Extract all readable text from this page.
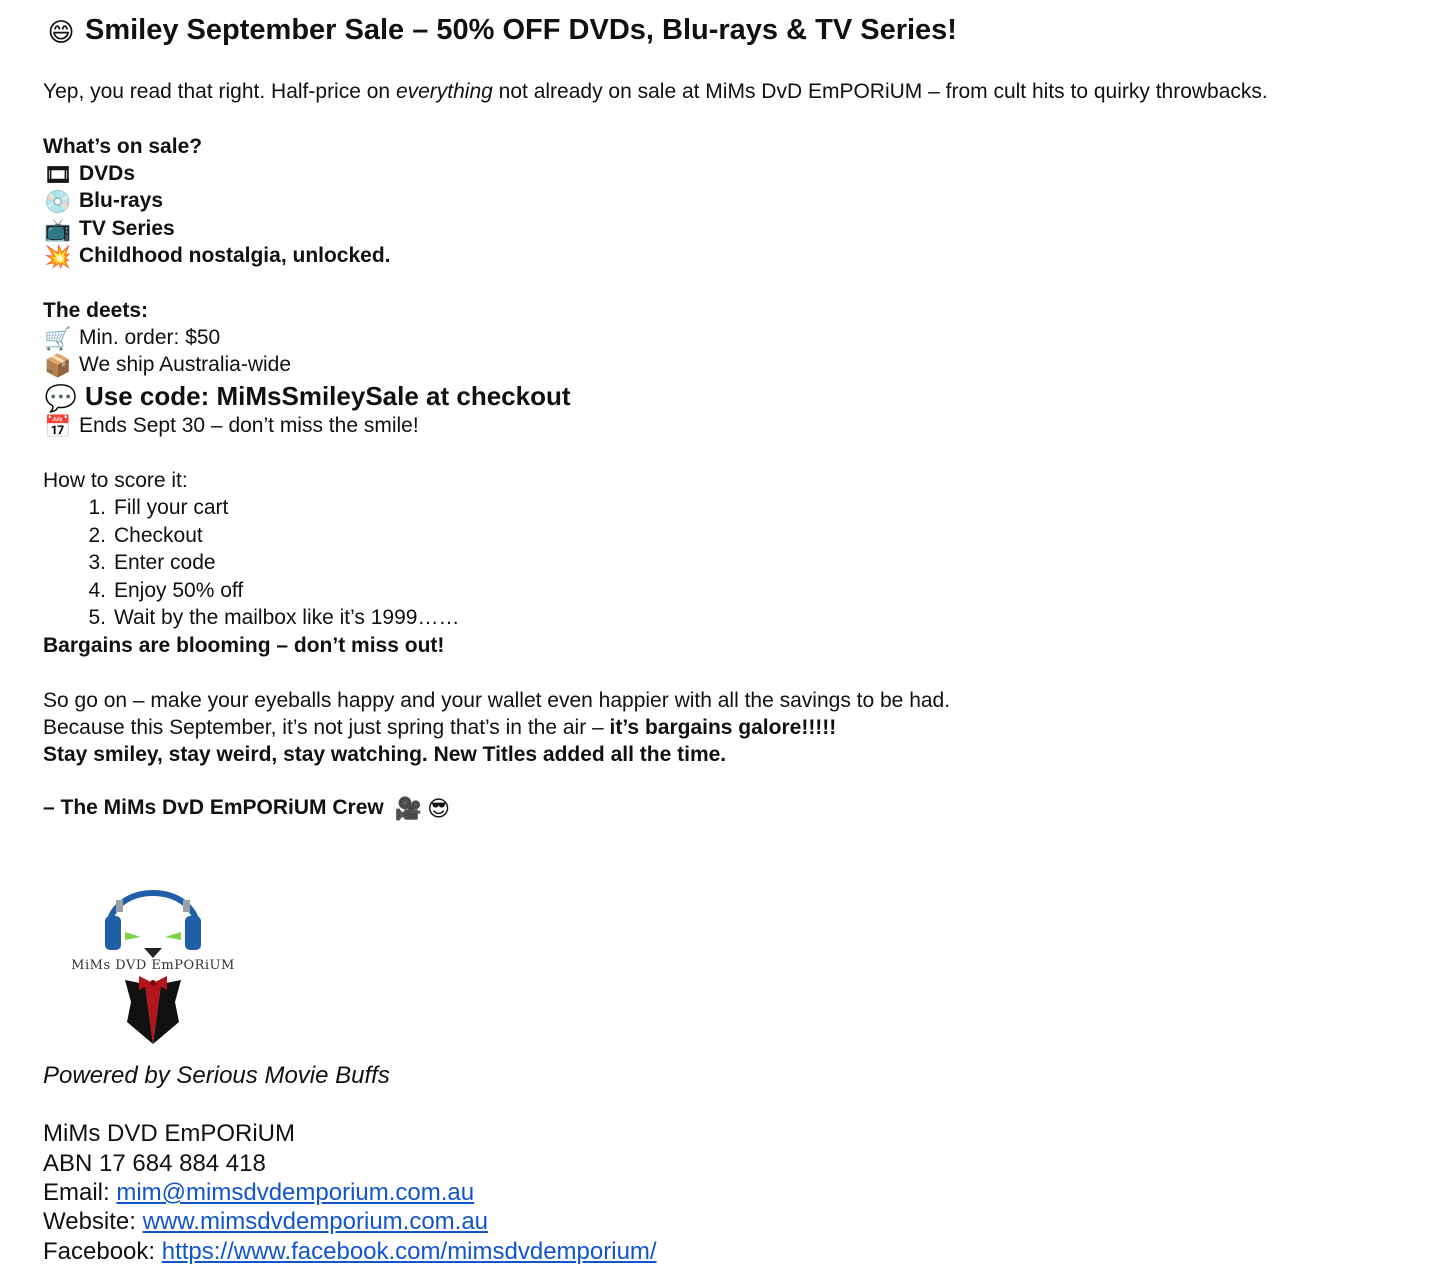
😄 Smiley September Sale – 50% OFF DVDs, Blu-rays & TV Series!
Yep, you read that right. Half-price on everything not already on sale at MiMs DvD EmPORiUM – from cult hits to quirky throwbacks.
What’s on sale?
🎞 DVDs
💿 Blu-rays
📺 TV Series
💥 Childhood nostalgia, unlocked.
The deets:
🛒 Min. order: $50
📦 We ship Australia-wide
💬 Use code: MiMsSmileySale at checkout
📅 Ends Sept 30 – don’t miss the smile!
How to score it:
1. Fill your cart
2. Checkout
3. Enter code
4. Enjoy 50% off
5. Wait by the mailbox like it’s 1999……
Bargains are blooming – don’t miss out!
So go on – make your eyeballs happy and your wallet even happier with all the savings to be had.
Because this September, it’s not just spring that’s in the air – it’s bargains galore!!!!!
Stay smiley, stay weird, stay watching. New Titles added all the time.
– The MiMs DvD EmPORiUM Crew 🎥 😎
MiMs DVD EmPORiUM
Powered by Serious Movie Buffs
MiMs DVD EmPORiUM
ABN 17 684 884 418
Email: mim@mimsdvdemporium.com.au
Website: www.mimsdvdemporium.com.au
Facebook: https://www.facebook.com/mimsdvdemporium/
